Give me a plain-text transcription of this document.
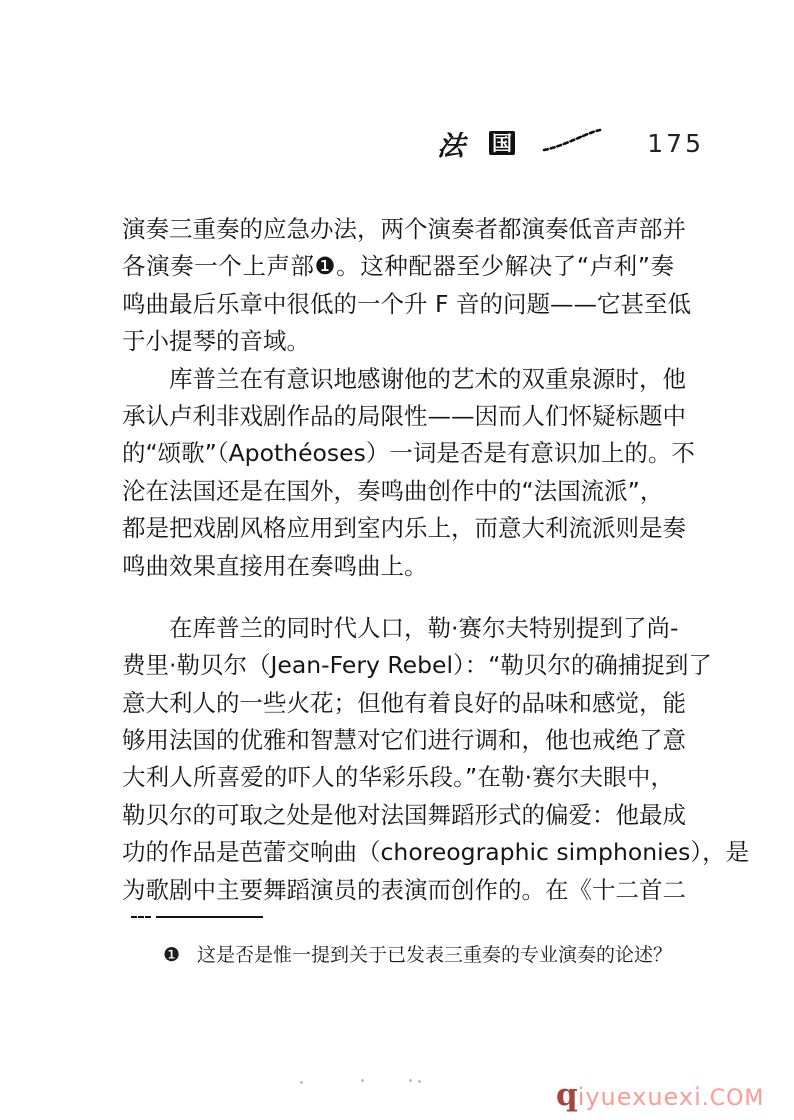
法 国	175
演奏三重奏的应急办法，两个演奏者都演奏低音声部并
各演奏一个上声部❶。这种配器至少解决了“卢利”奏
鸣曲最后乐章中很低的一个升 F 音的问题——它甚至低
于小提琴的音域。
库普兰在有意识地感谢他的艺术的双重泉源时，他
承认卢利非戏剧作品的局限性——因而人们怀疑标题中
的“颂歌”（Apothéoses）一词是否是有意识加上的。不
沦在法国还是在国外，奏鸣曲创作中的“法国流派”，
都是把戏剧风格应用到室内乐上，而意大利流派则是奏
鸣曲效果直接用在奏鸣曲上。
在库普兰的同时代人口，勒·赛尔夫特别提到了尚-
费里·勒贝尔（Jean-Fery Rebel）：“勒贝尔的确捕捉到了
意大利人的一些火花；但他有着良好的品味和感觉，能
够用法国的优雅和智慧对它们进行调和，他也戒绝了意
大利人所喜爱的吓人的华彩乐段。”在勒·赛尔夫眼中，
勒贝尔的可取之处是他对法国舞蹈形式的偏爱：他最成
功的作品是芭蕾交响曲（choreographic simphonies），是
为歌剧中主要舞蹈演员的表演而创作的。在《十二首二
❶ 这是否是惟一提到关于已发表三重奏的专业演奏的论述？
qiyuexuexi.COM
